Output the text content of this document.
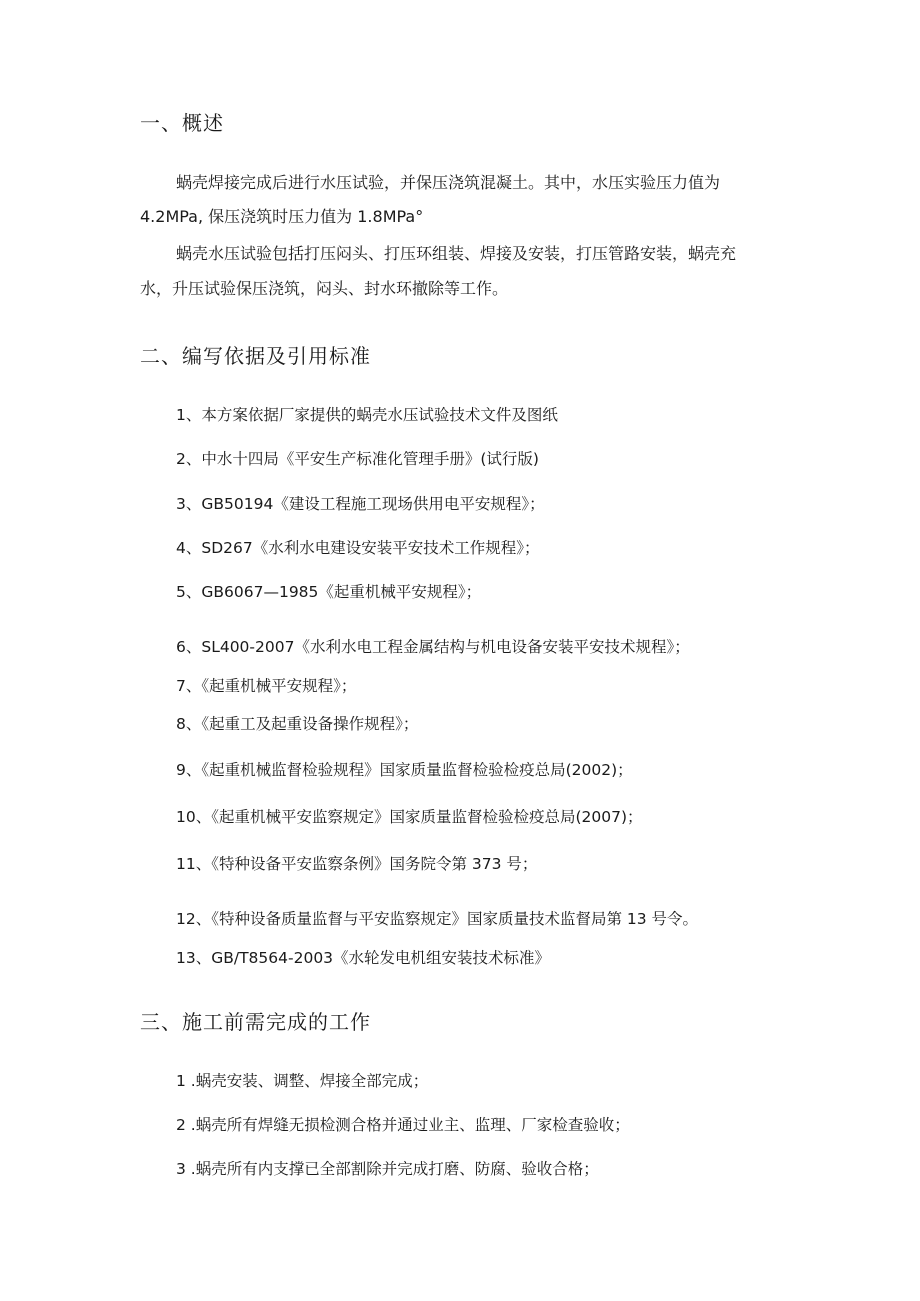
一、概述
蜗壳焊接完成后进行水压试验，并保压浇筑混凝土。其中，水压实验压力值为
4.2MPa, 保压浇筑时压力值为 1.8MPa°
蜗壳水压试验包括打压闷头、打压环组装、焊接及安装，打压管路安装，蜗壳充
水，升压试验保压浇筑，闷头、封水环撤除等工作。
二、编写依据及引用标准
1、本方案依据厂家提供的蜗壳水压试验技术文件及图纸
2、中水十四局《平安生产标准化管理手册》(试行版)
3、GB50194《建设工程施工现场供用电平安规程》；
4、SD267《水利水电建设安装平安技术工作规程》；
5、GB6067—1985《起重机械平安规程》；
6、SL400-2007《水利水电工程金属结构与机电设备安装平安技术规程》；
7、《起重机械平安规程》；
8、《起重工及起重设备操作规程》；
9、《起重机械监督检验规程》国家质量监督检验检疫总局(2002)；
10、《起重机械平安监察规定》国家质量监督检验检疫总局(2007)；
11、《特种设备平安监察条例》国务院令第 373 号；
12、《特种设备质量监督与平安监察规定》国家质量技术监督局第 13 号令。
13、GB/T8564-2003《水轮发电机组安装技术标准》
三、施工前需完成的工作
1 .蜗壳安装、调整、焊接全部完成；
2 .蜗壳所有焊缝无损检测合格并通过业主、监理、厂家检查验收；
3 .蜗壳所有内支撑已全部割除并完成打磨、防腐、验收合格；
